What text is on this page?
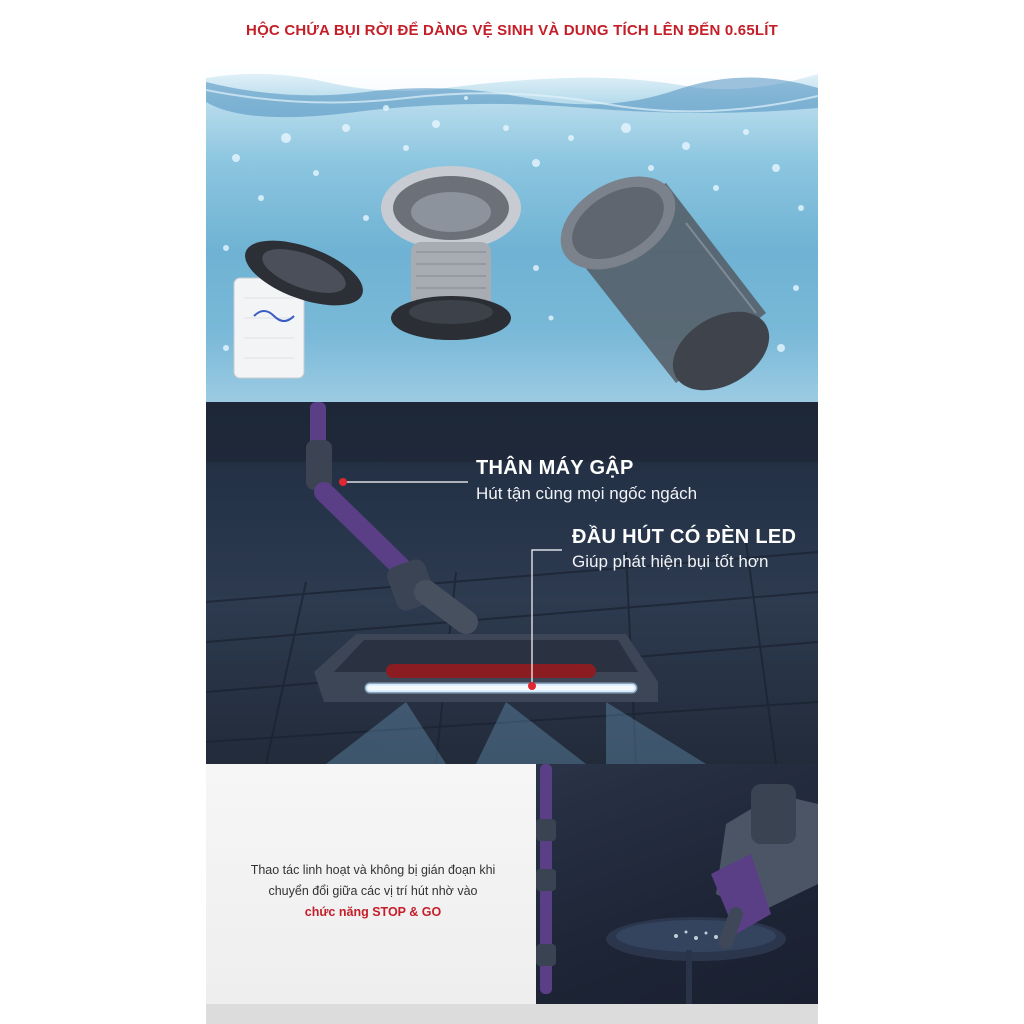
HỘC CHỨA BỤI RỜI ĐỂ DÀNG VỆ SINH VÀ DUNG TÍCH LÊN ĐẾN 0.65LÍT
THÂN MÁY GẬP
Hút tận cùng mọi ngốc ngách
ĐẦU HÚT CÓ ĐÈN LED
Giúp phát hiện bụi tốt hơn
Thao tác linh hoạt và không bị gián đoạn khi
chuyển đổi giữa các vị trí hút nhờ vào
chức năng STOP & GO
